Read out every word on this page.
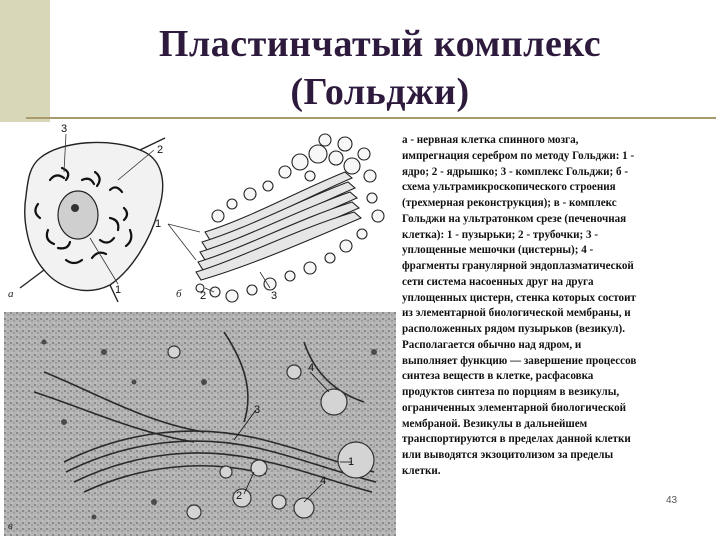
Пластинчатый комплекс
(Гольджи)
а
3
2
1	б
1
2	3
4
3
1
2
4
в

а - нервная клетка спинного мозга,
импрегнация серебром по методу Гольджи: 1 -
ядро; 2 - ядрышко; 3 - комплекс Гольджи; б -
схема ультрамикроскопического строения
(трехмерная реконструкция); в - комплекс
Гольджи на ультратонком срезе (печеночная
клетка): 1 - пузырьки; 2 - трубочки; 3 -
уплощенные мешочки (цистерны); 4 -
фрагменты гранулярной эндоплазматической
сети система насоенных друг на друга
уплощенных цистерн, стенка которых состоит
из элементарной биологической мембраны, и
расположенных рядом пузырьков (везикул).
Располагается обычно над ядром, и
выполняет функцию — завершение процессов
синтеза веществ в клетке, расфасовка
продуктов синтеза по порциям в везикулы,
ограниченных элементарной биологической
мембраной. Везикулы в дальнейшем
транспортируются в пределах данной клетки
или выводятся экзоцитолизом за пределы
клетки.

43
